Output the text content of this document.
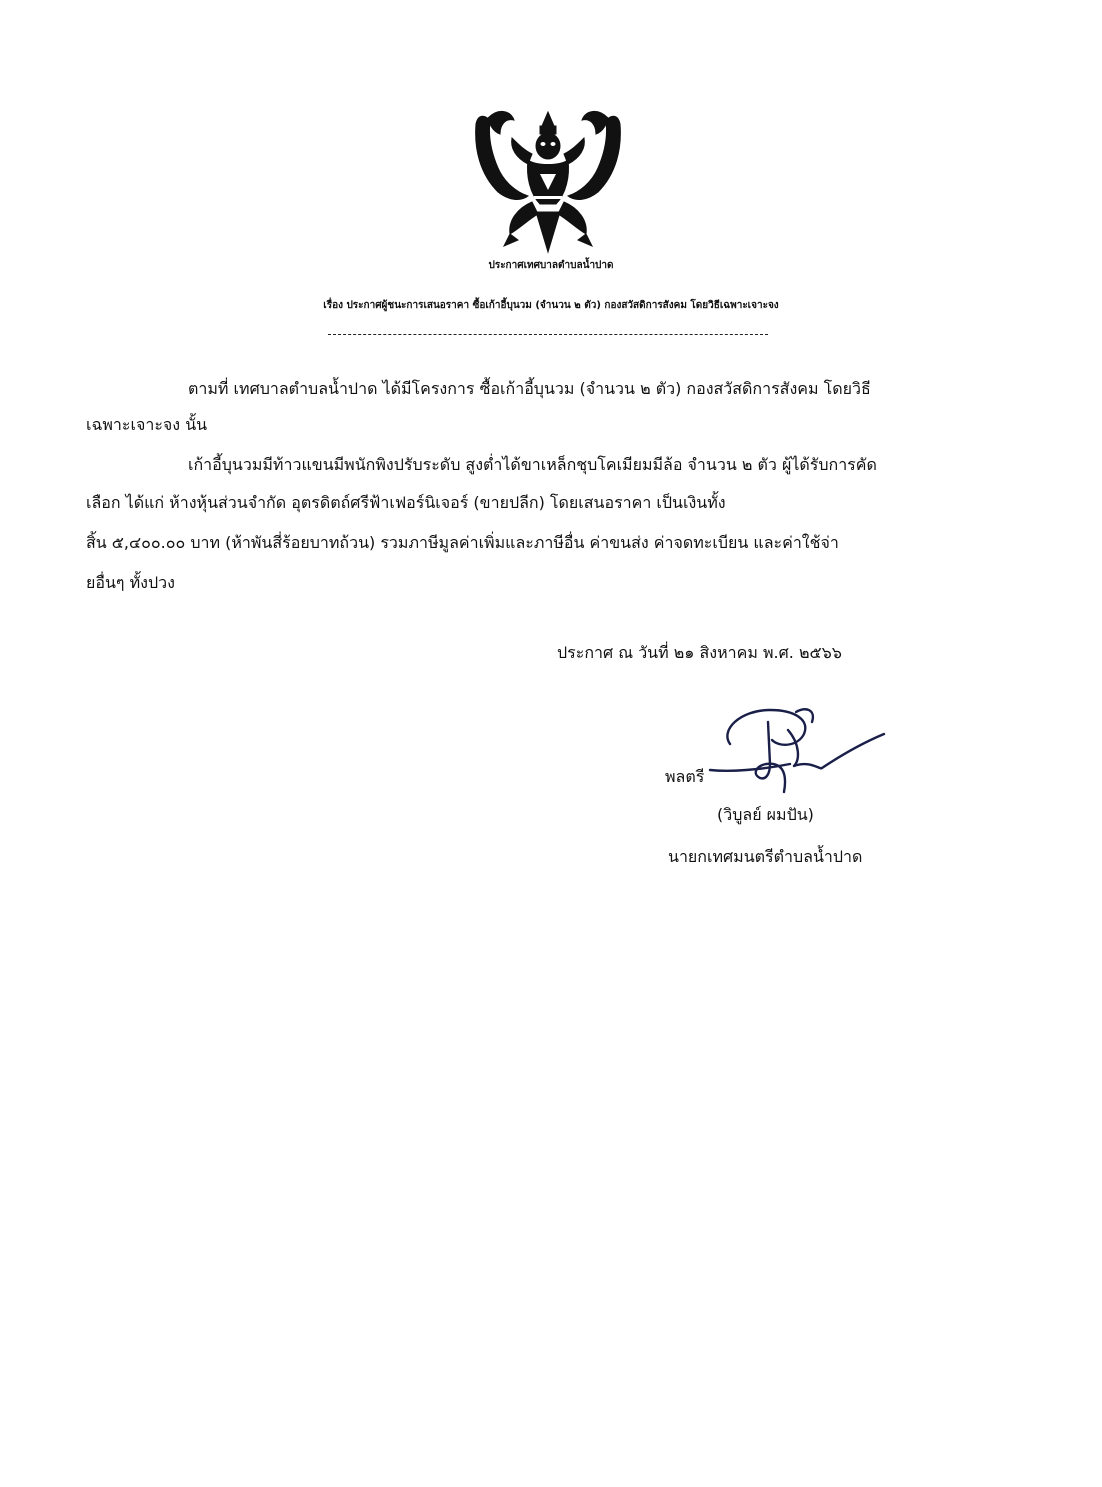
ประกาศเทศบาลตำบลน้ำปาด
เรื่อง ประกาศผู้ชนะการเสนอราคา ซื้อเก้าอี้บุนวม (จำนวน ๒ ตัว) กองสวัสดิการสังคม โดยวิธีเฉพาะเจาะจง
ตามที่ เทศบาลตำบลน้ำปาด ได้มีโครงการ ซื้อเก้าอี้บุนวม (จำนวน ๒ ตัว) กองสวัสดิการสังคม โดยวิธี
เฉพาะเจาะจง นั้น
เก้าอี้บุนวมมีท้าวแขนมีพนักพิงปรับระดับ สูงต่ำได้ขาเหล็กชุบโคเมียมมีล้อ จำนวน ๒ ตัว ผู้ได้รับการคัด
เลือก ได้แก่ ห้างหุ้นส่วนจำกัด อุตรดิตถ์ศรีฟ้าเฟอร์นิเจอร์ (ขายปลีก) โดยเสนอราคา เป็นเงินทั้ง
สิ้น ๕,๔๐๐.๐๐ บาท (ห้าพันสี่ร้อยบาทถ้วน) รวมภาษีมูลค่าเพิ่มและภาษีอื่น ค่าขนส่ง ค่าจดทะเบียน และค่าใช้จ่า
ยอื่นๆ ทั้งปวง
ประกาศ ณ วันที่ ๒๑ สิงหาคม พ.ศ. ๒๕๖๖
พลตรี
(วิบูลย์ ผมปัน)
นายกเทศมนตรีตำบลน้ำปาด
